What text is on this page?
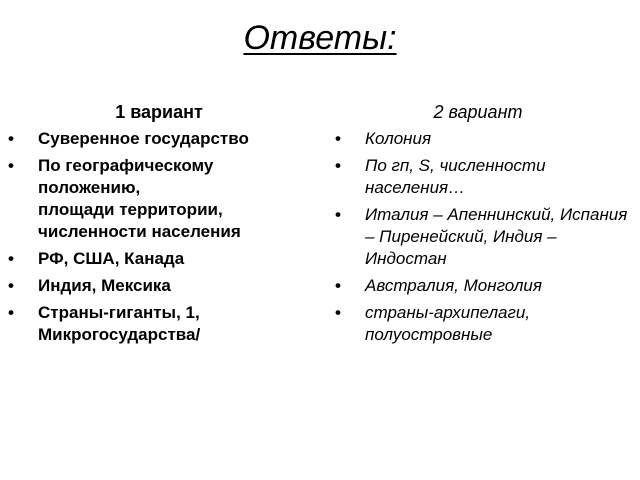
Ответы:
1 вариант
• Суверенное государство
• По географическому положению,
площади территории, численности населения
• РФ, США, Канада
• Индия, Мексика
• Страны-гиганты, 1, Микрогосударства/
2 вариант
• Колония
• По гп, S, численности населения…
• Италия – Апеннинский, Испания – Пиренейский, Индия – Индостан
• Австралия, Монголия
• страны-архипелаги, полуостровные
